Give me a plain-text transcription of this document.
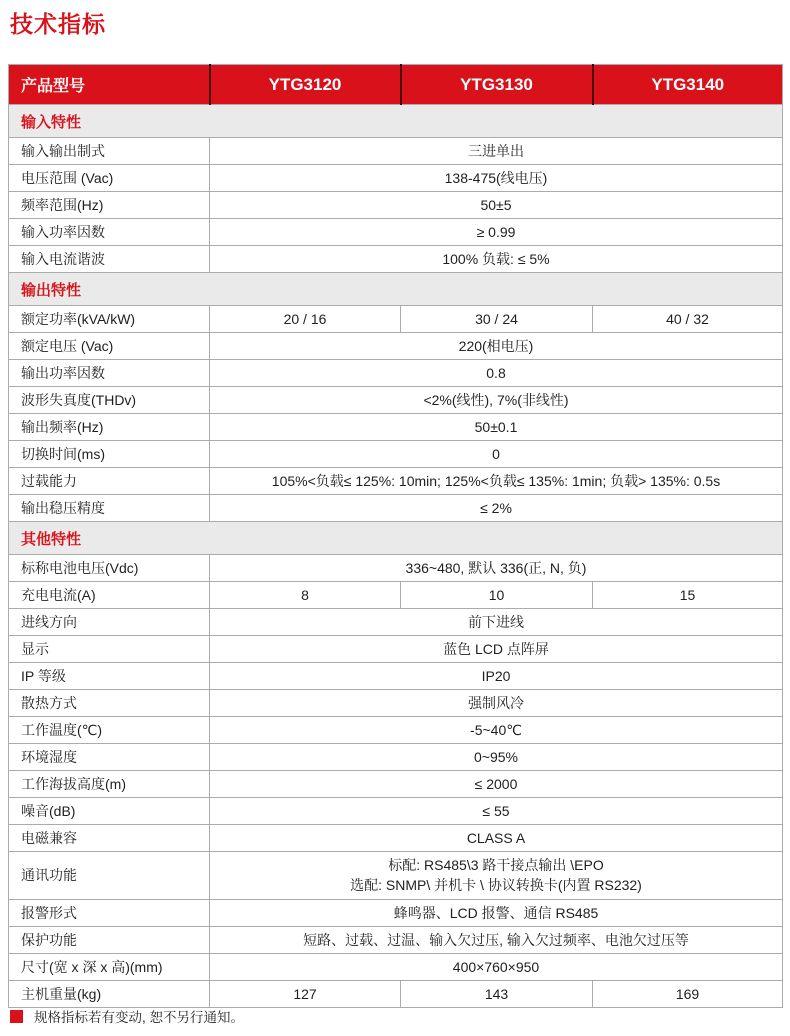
技术指标
产品型号	YTG3120	YTG3130	YTG3140
输入特性			
输入输出制式	三进单出		
电压范围 (Vac)	138-475(线电压)		
频率范围(Hz)	50±5		
输入功率因数	≥ 0.99		
输入电流谐波	100% 负载: ≤ 5%		
输出特性			
额定功率(kVA/kW)	20 / 16	30 / 24	40 / 32
额定电压 (Vac)	220(相电压)		
输出功率因数	0.8		
波形失真度(THDv)	<2%(线性), 7%(非线性)		
输出频率(Hz)	50±0.1		
切换时间(ms)	0		
过载能力	105%<负载≤ 125%: 10min; 125%<负载≤ 135%: 1min; 负载> 135%: 0.5s		
输出稳压精度	≤ 2%		
其他特性			
标称电池电压(Vdc)	336~480, 默认 336(正, N, 负)		
充电电流(A)	8	10	15
进线方向	前下进线		
显示	蓝色 LCD 点阵屏		
IP 等级	IP20		
散热方式	强制风冷		
工作温度(℃)	-5~40℃		
环境湿度	0~95%		
工作海拔高度(m)	≤ 2000		
噪音(dB)	≤ 55		
电磁兼容	CLASS A		
通讯功能	标配: RS485\3 路干接点输出 \EPO
选配: SNMP\ 并机卡 \ 协议转换卡(内置 RS232)		

报警形式	蜂鸣器、LCD 报警、通信 RS485		
保护功能	短路、过载、过温、输入欠过压, 输入欠过频率、电池欠过压等		
尺寸(宽 x 深 x 高)(mm)	400×760×950		
主机重量(kg)	127	143	169
规格指标若有变动, 恕不另行通知。
